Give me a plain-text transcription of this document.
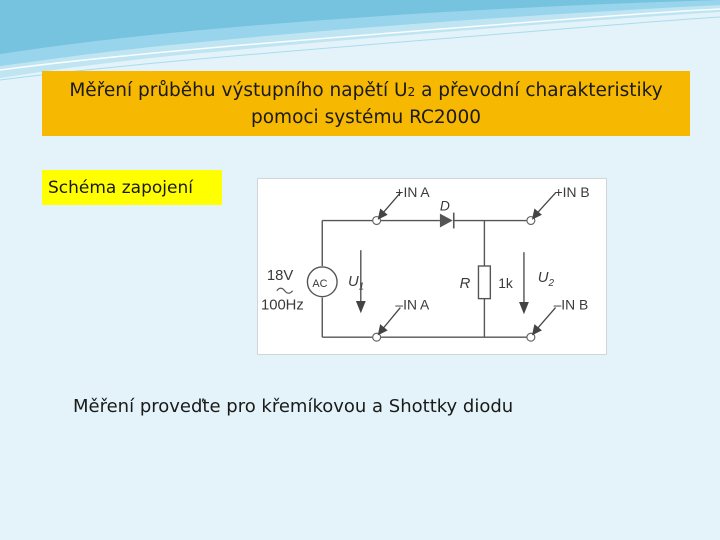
Měření průběhu výstupního napětí U2 a převodní charakteristiky
pomoci systému RC2000
Schéma zapojení	+IN A	+IN B
D
18V AC
100Hz
$U_1$
–IN A
R 1k $U_2$
–IN B
Měření proveďte pro křemíkovou a Shottky diodu
